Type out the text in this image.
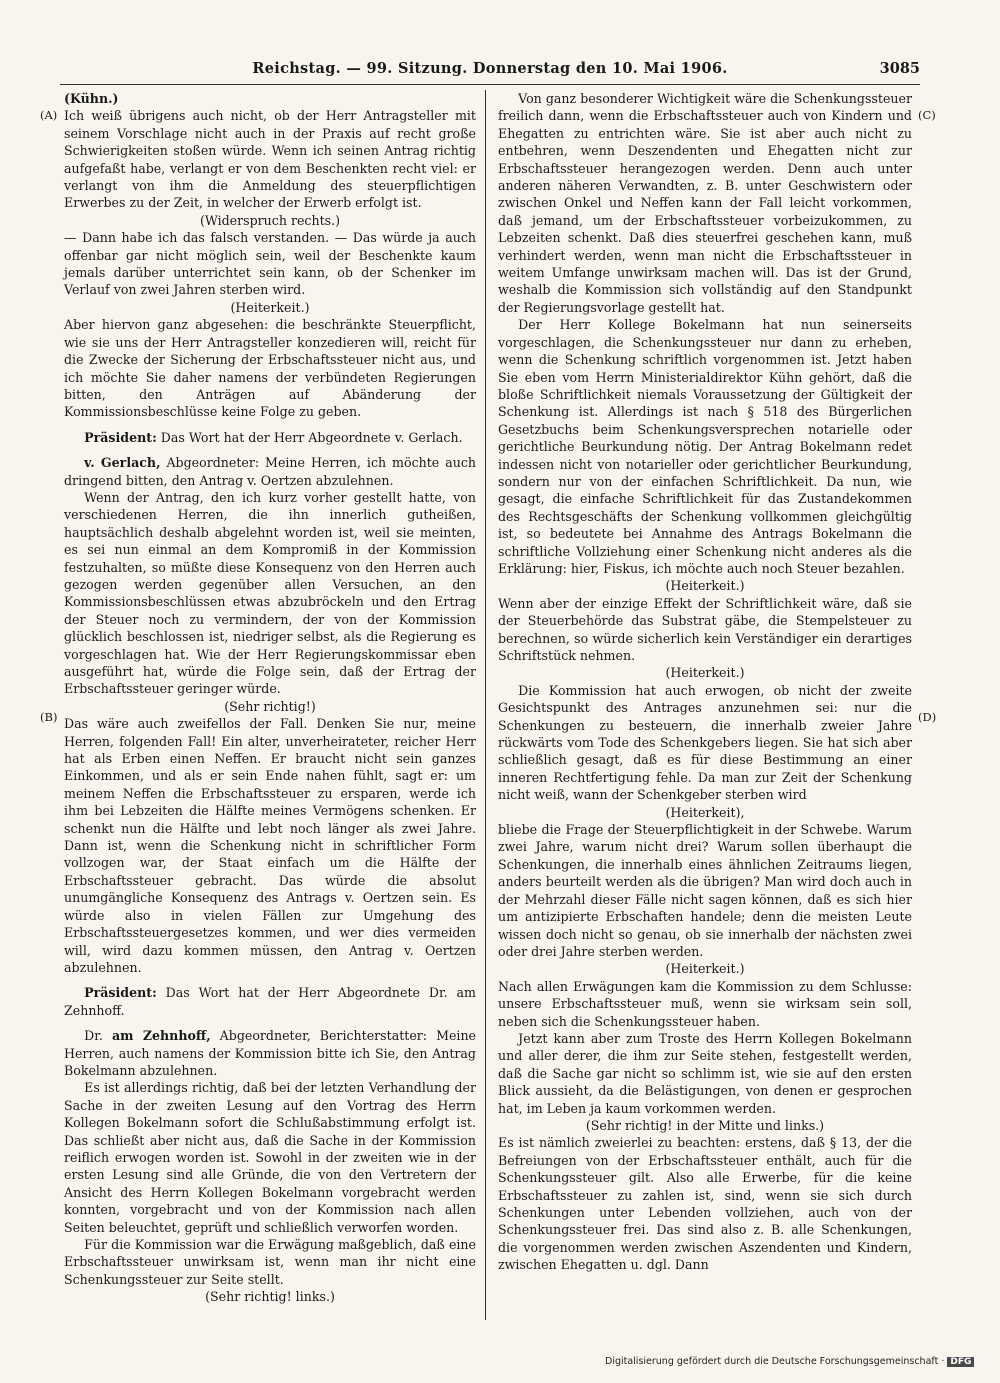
Reichstag. — 99. Sitzung. Donnerstag den 10. Mai 1906.	3085
(A)
(B)
(C)
(D)

(Kühn.)

Ich weiß übrigens auch nicht, ob der Herr Antragsteller mit seinem Vorschlage nicht auch in der Praxis auf recht große Schwierigkeiten stoßen würde. Wenn ich seinen Antrag richtig aufgefaßt habe, verlangt er von dem Beschenkten recht viel: er verlangt von ihm die Anmeldung des steuerpflichtigen Erwerbes zu der Zeit, in welcher der Erwerb erfolgt ist.

(Widerspruch rechts.)

— Dann habe ich das falsch verstanden. — Das würde ja auch offenbar gar nicht möglich sein, weil der Beschenkte kaum jemals darüber unterrichtet sein kann, ob der Schenker im Verlauf von zwei Jahren sterben wird.

(Heiterkeit.)

Aber hiervon ganz abgesehen: die beschränkte Steuerpflicht, wie sie uns der Herr Antragsteller konzedieren will, reicht für die Zwecke der Sicherung der Erbschaftssteuer nicht aus, und ich möchte Sie daher namens der verbündeten Regierungen bitten, den Anträgen auf Abänderung der Kommissionsbeschlüsse keine Folge zu geben.

Präsident: Das Wort hat der Herr Abgeordnete v. Gerlach.

v. Gerlach, Abgeordneter: Meine Herren, ich möchte auch dringend bitten, den Antrag v. Oertzen abzulehnen.

Wenn der Antrag, den ich kurz vorher gestellt hatte, von verschiedenen Herren, die ihn innerlich gutheißen, hauptsächlich deshalb abgelehnt worden ist, weil sie meinten, es sei nun einmal an dem Kompromiß in der Kommission festzuhalten, so müßte diese Konsequenz von den Herren auch gezogen werden gegenüber allen Versuchen, an den Kommissionsbeschlüssen etwas abzubröckeln und den Ertrag der Steuer noch zu vermindern, der von der Kommission glücklich beschlossen ist, niedriger selbst, als die Regierung es vorgeschlagen hat. Wie der Herr Regierungskommissar eben ausgeführt hat, würde die Folge sein, daß der Ertrag der Erbschaftssteuer geringer würde.

(Sehr richtig!)

Das wäre auch zweifellos der Fall. Denken Sie nur, meine Herren, folgenden Fall! Ein alter, unverheirateter, reicher Herr hat als Erben einen Neffen. Er braucht nicht sein ganzes Einkommen, und als er sein Ende nahen fühlt, sagt er: um meinem Neffen die Erbschaftssteuer zu ersparen, werde ich ihm bei Lebzeiten die Hälfte meines Vermögens schenken. Er schenkt nun die Hälfte und lebt noch länger als zwei Jahre. Dann ist, wenn die Schenkung nicht in schriftlicher Form vollzogen war, der Staat einfach um die Hälfte der Erbschaftssteuer gebracht. Das würde die absolut unumgängliche Konsequenz des Antrags v. Oertzen sein. Es würde also in vielen Fällen zur Umgehung des Erbschaftssteuergesetzes kommen, und wer dies vermeiden will, wird dazu kommen müssen, den Antrag v. Oertzen abzulehnen.

Präsident: Das Wort hat der Herr Abgeordnete Dr. am Zehnhoff.

Dr. am Zehnhoff, Abgeordneter, Berichterstatter: Meine Herren, auch namens der Kommission bitte ich Sie, den Antrag Bokelmann abzulehnen.

Es ist allerdings richtig, daß bei der letzten Verhandlung der Sache in der zweiten Lesung auf den Vortrag des Herrn Kollegen Bokelmann sofort die Schlußabstimmung erfolgt ist. Das schließt aber nicht aus, daß die Sache in der Kommission reiflich erwogen worden ist. Sowohl in der zweiten wie in der ersten Lesung sind alle Gründe, die von den Vertretern der Ansicht des Herrn Kollegen Bokelmann vorgebracht werden konnten, vorgebracht und von der Kommission nach allen Seiten beleuchtet, geprüft und schließlich verworfen worden.

Für die Kommission war die Erwägung maßgeblich, daß eine Erbschaftssteuer unwirksam ist, wenn man ihr nicht eine Schenkungssteuer zur Seite stellt.

(Sehr richtig! links.)

Von ganz besonderer Wichtigkeit wäre die Schenkungssteuer freilich dann, wenn die Erbschaftssteuer auch von Kindern und Ehegatten zu entrichten wäre. Sie ist aber auch nicht zu entbehren, wenn Deszendenten und Ehegatten nicht zur Erbschaftssteuer herangezogen werden. Denn auch unter anderen näheren Verwandten, z. B. unter Geschwistern oder zwischen Onkel und Neffen kann der Fall leicht vorkommen, daß jemand, um der Erbschaftssteuer vorbeizukommen, zu Lebzeiten schenkt. Daß dies steuerfrei geschehen kann, muß verhindert werden, wenn man nicht die Erbschaftssteuer in weitem Umfange unwirksam machen will. Das ist der Grund, weshalb die Kommission sich vollständig auf den Standpunkt der Regierungsvorlage gestellt hat.

Der Herr Kollege Bokelmann hat nun seinerseits vorgeschlagen, die Schenkungssteuer nur dann zu erheben, wenn die Schenkung schriftlich vorgenommen ist. Jetzt haben Sie eben vom Herrn Ministerialdirektor Kühn gehört, daß die bloße Schriftlichkeit niemals Voraussetzung der Gültigkeit der Schenkung ist. Allerdings ist nach § 518 des Bürgerlichen Gesetzbuchs beim Schenkungsversprechen notarielle oder gerichtliche Beurkundung nötig. Der Antrag Bokelmann redet indessen nicht von notarieller oder gerichtlicher Beurkundung, sondern nur von der einfachen Schriftlichkeit. Da nun, wie gesagt, die einfache Schriftlichkeit für das Zustandekommen des Rechtsgeschäfts der Schenkung vollkommen gleichgültig ist, so bedeutete bei Annahme des Antrags Bokelmann die schriftliche Vollziehung einer Schenkung nicht anderes als die Erklärung: hier, Fiskus, ich möchte auch noch Steuer bezahlen.

(Heiterkeit.)

Wenn aber der einzige Effekt der Schriftlichkeit wäre, daß sie der Steuerbehörde das Substrat gäbe, die Stempelsteuer zu berechnen, so würde sicherlich kein Verständiger ein derartiges Schriftstück nehmen.

(Heiterkeit.)

Die Kommission hat auch erwogen, ob nicht der zweite Gesichtspunkt des Antrages anzunehmen sei: nur die Schenkungen zu besteuern, die innerhalb zweier Jahre rückwärts vom Tode des Schenkgebers liegen. Sie hat sich aber schließlich gesagt, daß es für diese Bestimmung an einer inneren Rechtfertigung fehle. Da man zur Zeit der Schenkung nicht weiß, wann der Schenkgeber sterben wird

(Heiterkeit),

bliebe die Frage der Steuerpflichtigkeit in der Schwebe. Warum zwei Jahre, warum nicht drei? Warum sollen überhaupt die Schenkungen, die innerhalb eines ähnlichen Zeitraums liegen, anders beurteilt werden als die übrigen? Man wird doch auch in der Mehrzahl dieser Fälle nicht sagen können, daß es sich hier um antizipierte Erbschaften handele; denn die meisten Leute wissen doch nicht so genau, ob sie innerhalb der nächsten zwei oder drei Jahre sterben werden.

(Heiterkeit.)

Nach allen Erwägungen kam die Kommission zu dem Schlusse: unsere Erbschaftssteuer muß, wenn sie wirksam sein soll, neben sich die Schenkungssteuer haben.

Jetzt kann aber zum Troste des Herrn Kollegen Bokelmann und aller derer, die ihm zur Seite stehen, festgestellt werden, daß die Sache gar nicht so schlimm ist, wie sie auf den ersten Blick aussieht, da die Belästigungen, von denen er gesprochen hat, im Leben ja kaum vorkommen werden.

(Sehr richtig! in der Mitte und links.)

Es ist nämlich zweierlei zu beachten: erstens, daß § 13, der die Befreiungen von der Erbschaftssteuer enthält, auch für die Schenkungssteuer gilt. Also alle Erwerbe, für die keine Erbschaftssteuer zu zahlen ist, sind, wenn sie sich durch Schenkungen unter Lebenden vollziehen, auch von der Schenkungssteuer frei. Das sind also z. B. alle Schenkungen, die vorgenommen werden zwischen Aszendenten und Kindern, zwischen Ehegatten u. dgl. Dann

Digitalisierung gefördert durch die Deutsche Forschungsgemeinschaft · DFG
